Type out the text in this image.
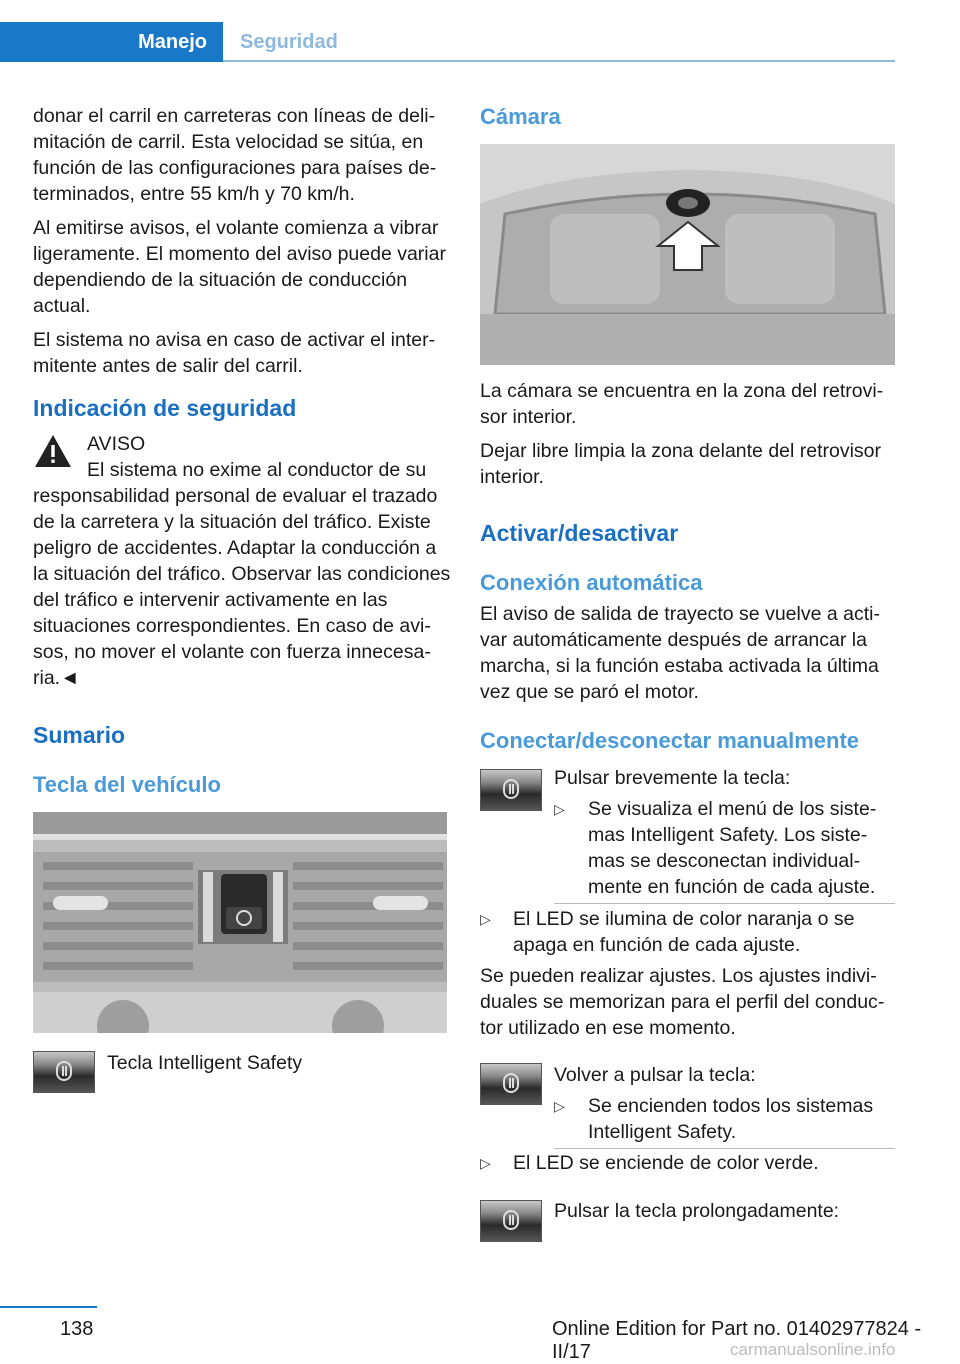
Manejo Seguridad

donar el carril en carreteras con líneas de delimitación de carril. Esta velocidad se sitúa, en función de las configuraciones para países determinados, entre 55 km/h y 70 km/h.

Al emitirse avisos, el volante comienza a vibrar ligeramente. El momento del aviso puede variar dependiendo de la situación de conducción actual.

El sistema no avisa en caso de activar el intermitente antes de salir del carril.

Indicación de seguridad
AVISO
El sistema no exime al conductor de su
responsabilidad personal de evaluar el trazado de la carretera y la situación del tráfico. Existe peligro de accidentes. Adaptar la conducción a la situación del tráfico. Observar las condiciones del tráfico e intervenir activamente en las situaciones correspondientes. En caso de avisos, no mover el volante con fuerza innecesaria.◄
Sumario
Tecla del vehículo
Tecla Intelligent Safety
Cámara

La cámara se encuentra en la zona del retrovisor interior.

Dejar libre limpia la zona delante del retrovisor interior.

Activar/desactivar
Conexión automática
El aviso de salida de trayecto se vuelve a activar automáticamente después de arrancar la marcha, si la función estaba activada la última vez que se paró el motor.
Conectar/desconectar manualmente
Pulsar brevemente la tecla:
▷ Se visualiza el menú de los sistemas Intelligent Safety. Los sistemas se desconectan individualmente en función de cada ajuste.
▷ El LED se ilumina de color naranja o se apaga en función de cada ajuste.
Se pueden realizar ajustes. Los ajustes individuales se memorizan para el perfil del conductor utilizado en ese momento.
Volver a pulsar la tecla:
▷ Se encienden todos los sistemas Intelligent Safety.
▷ El LED se enciende de color verde.
Pulsar la tecla prolongadamente:
138	Online Edition for Part no. 01402977824 - II/17	carmanualsonline.info
